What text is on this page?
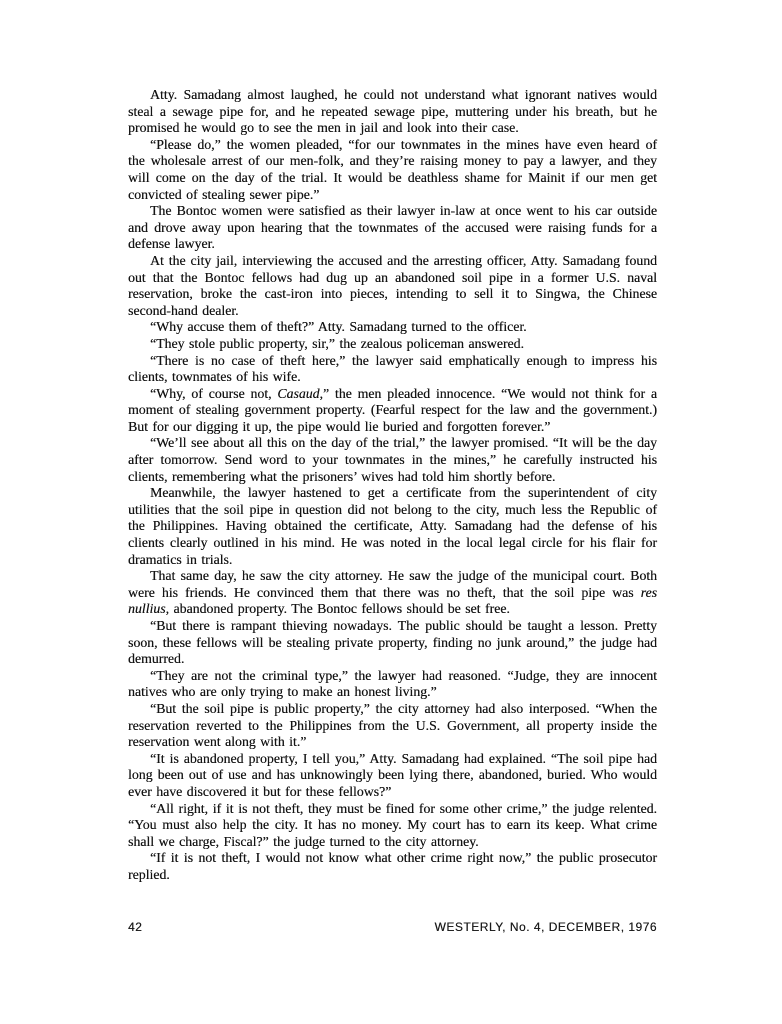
Atty. Samadang almost laughed, he could not understand what ignorant natives would steal a sewage pipe for, and he repeated sewage pipe, muttering under his breath, but he promised he would go to see the men in jail and look into their case.

“Please do,” the women pleaded, “for our townmates in the mines have even heard of the wholesale arrest of our men-folk, and they’re raising money to pay a lawyer, and they will come on the day of the trial. It would be deathless shame for Mainit if our men get convicted of stealing sewer pipe.”

The Bontoc women were satisfied as their lawyer in-law at once went to his car outside and drove away upon hearing that the townmates of the accused were raising funds for a defense lawyer.

At the city jail, interviewing the accused and the arresting officer, Atty. Samadang found out that the Bontoc fellows had dug up an abandoned soil pipe in a former U.S. naval reservation, broke the cast-iron into pieces, intending to sell it to Singwa, the Chinese second-hand dealer.

“Why accuse them of theft?” Atty. Samadang turned to the officer.

“They stole public property, sir,” the zealous policeman answered.

“There is no case of theft here,” the lawyer said emphatically enough to impress his clients, townmates of his wife.

“Why, of course not, Casaud,” the men pleaded innocence. “We would not think for a moment of stealing government property. (Fearful respect for the law and the government.) But for our digging it up, the pipe would lie buried and forgotten forever.”

“We’ll see about all this on the day of the trial,” the lawyer promised. “It will be the day after tomorrow. Send word to your townmates in the mines,” he carefully instructed his clients, remembering what the prisoners’ wives had told him shortly before.

Meanwhile, the lawyer hastened to get a certificate from the superintendent of city utilities that the soil pipe in question did not belong to the city, much less the Republic of the Philippines. Having obtained the certificate, Atty. Samadang had the defense of his clients clearly outlined in his mind. He was noted in the local legal circle for his flair for dramatics in trials.

That same day, he saw the city attorney. He saw the judge of the municipal court. Both were his friends. He convinced them that there was no theft, that the soil pipe was res nullius, abandoned property. The Bontoc fellows should be set free.

“But there is rampant thieving nowadays. The public should be taught a lesson. Pretty soon, these fellows will be stealing private property, finding no junk around,” the judge had demurred.

“They are not the criminal type,” the lawyer had reasoned. “Judge, they are innocent natives who are only trying to make an honest living.”

“But the soil pipe is public property,” the city attorney had also interposed. “When the reservation reverted to the Philippines from the U.S. Government, all property inside the reservation went along with it.”

“It is abandoned property, I tell you,” Atty. Samadang had explained. “The soil pipe had long been out of use and has unknowingly been lying there, abandoned, buried. Who would ever have discovered it but for these fellows?”

“All right, if it is not theft, they must be fined for some other crime,” the judge relented. “You must also help the city. It has no money. My court has to earn its keep. What crime shall we charge, Fiscal?” the judge turned to the city attorney.

“If it is not theft, I would not know what other crime right now,” the public prosecutor replied.

42	WESTERLY, No. 4, DECEMBER, 1976
